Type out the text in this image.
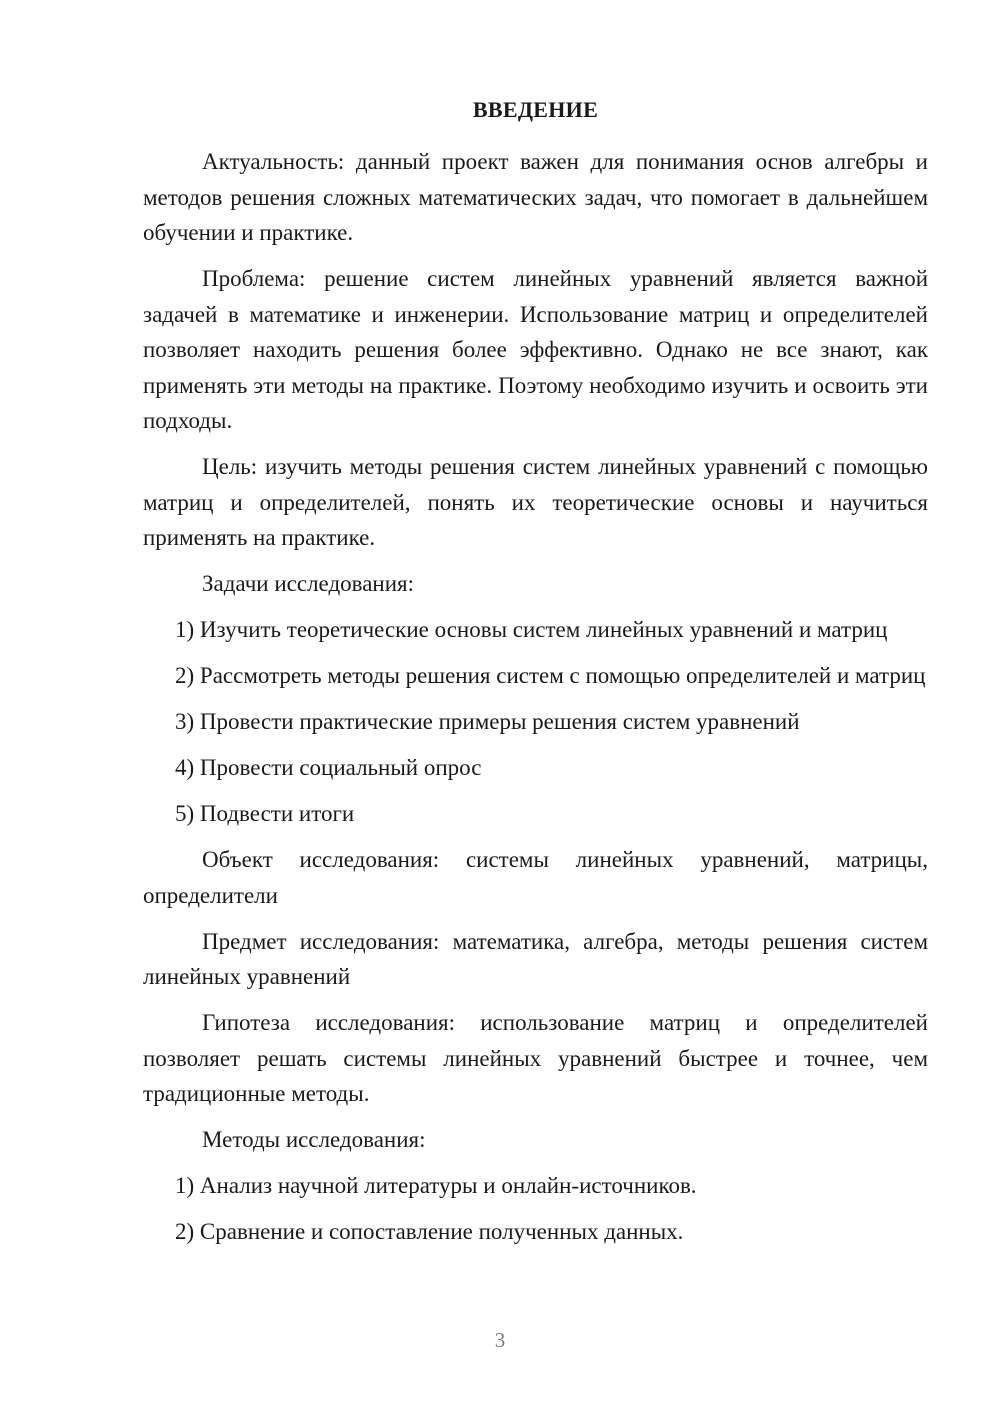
ВВЕДЕНИЕ

Актуальность: данный проект важен для понимания основ алгебры и методов решения сложных математических задач, что помогает в дальнейшем обучении и практике.

Проблема: решение систем линейных уравнений является важной задачей в математике и инженерии. Использование матриц и определителей позволяет находить решения более эффективно. Однако не все знают, как применять эти методы на практике. Поэтому необходимо изучить и освоить эти подходы.

Цель: изучить методы решения систем линейных уравнений с помощью матриц и определителей, понять их теоретические основы и научиться применять на практике.

Задачи исследования:

1) Изучить теоретические основы систем линейных уравнений и матриц

2) Рассмотреть методы решения систем с помощью определителей и матриц

3) Провести практические примеры решения систем уравнений

4) Провести социальный опрос

5) Подвести итоги

Объект исследования: системы линейных уравнений, матрицы, определители

Предмет исследования: математика, алгебра, методы решения систем линейных уравнений

Гипотеза исследования: использование матриц и определителей позволяет решать системы линейных уравнений быстрее и точнее, чем традиционные методы.

Методы исследования:

1) Анализ научной литературы и онлайн-источников.

2) Сравнение и сопоставление полученных данных.

3
